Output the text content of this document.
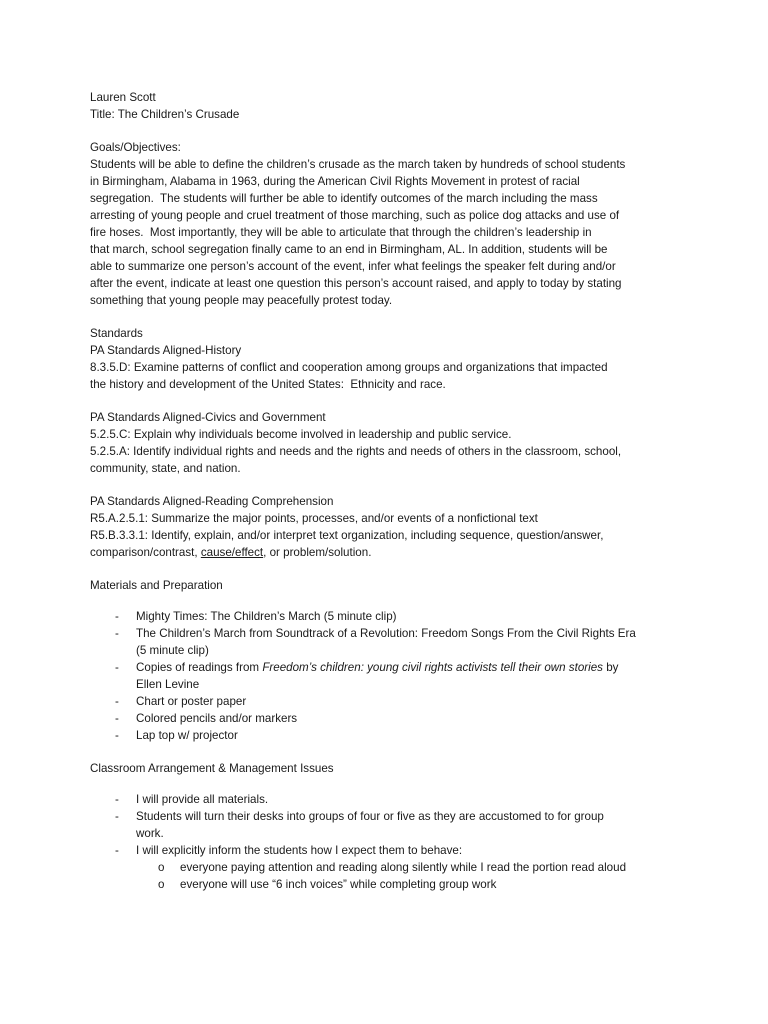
Lauren Scott

Title: The Children’s Crusade

Goals/Objectives:

Students will be able to define the children’s crusade as the march taken by hundreds of school students

in Birmingham, Alabama in 1963, during the American Civil Rights Movement in protest of racial

segregation.  The students will further be able to identify outcomes of the march including the mass

arresting of young people and cruel treatment of those marching, such as police dog attacks and use of

fire hoses.  Most importantly, they will be able to articulate that through the children’s leadership in

that march, school segregation finally came to an end in Birmingham, AL. In addition, students will be

able to summarize one person’s account of the event, infer what feelings the speaker felt during and/or

after the event, indicate at least one question this person’s account raised, and apply to today by stating

something that young people may peacefully protest today.

Standards

PA Standards Aligned-History

8.3.5.D: Examine patterns of conflict and cooperation among groups and organizations that impacted

the history and development of the United States:  Ethnicity and race.

PA Standards Aligned-Civics and Government

5.2.5.C: Explain why individuals become involved in leadership and public service.

5.2.5.A: Identify individual rights and needs and the rights and needs of others in the classroom, school,

community, state, and nation.

PA Standards Aligned-Reading Comprehension

R5.A.2.5.1: Summarize the major points, processes, and/or events of a nonfictional text

R5.B.3.3.1: Identify, explain, and/or interpret text organization, including sequence, question/answer,

comparison/contrast, cause/effect, or problem/solution.

Materials and Preparation

- Mighty Times: The Children’s March (5 minute clip)

- The Children’s March from Soundtrack of a Revolution: Freedom Songs From the Civil Rights Era

(5 minute clip)

- Copies of readings from Freedom’s children: young civil rights activists tell their own stories by

Ellen Levine

- Chart or poster paper

- Colored pencils and/or markers

- Lap top w/ projector

Classroom Arrangement & Management Issues

- I will provide all materials.

- Students will turn their desks into groups of four or five as they are accustomed to for group

work.

- I will explicitly inform the students how I expect them to behave:

o everyone paying attention and reading along silently while I read the portion read aloud

o everyone will use “6 inch voices” while completing group work
